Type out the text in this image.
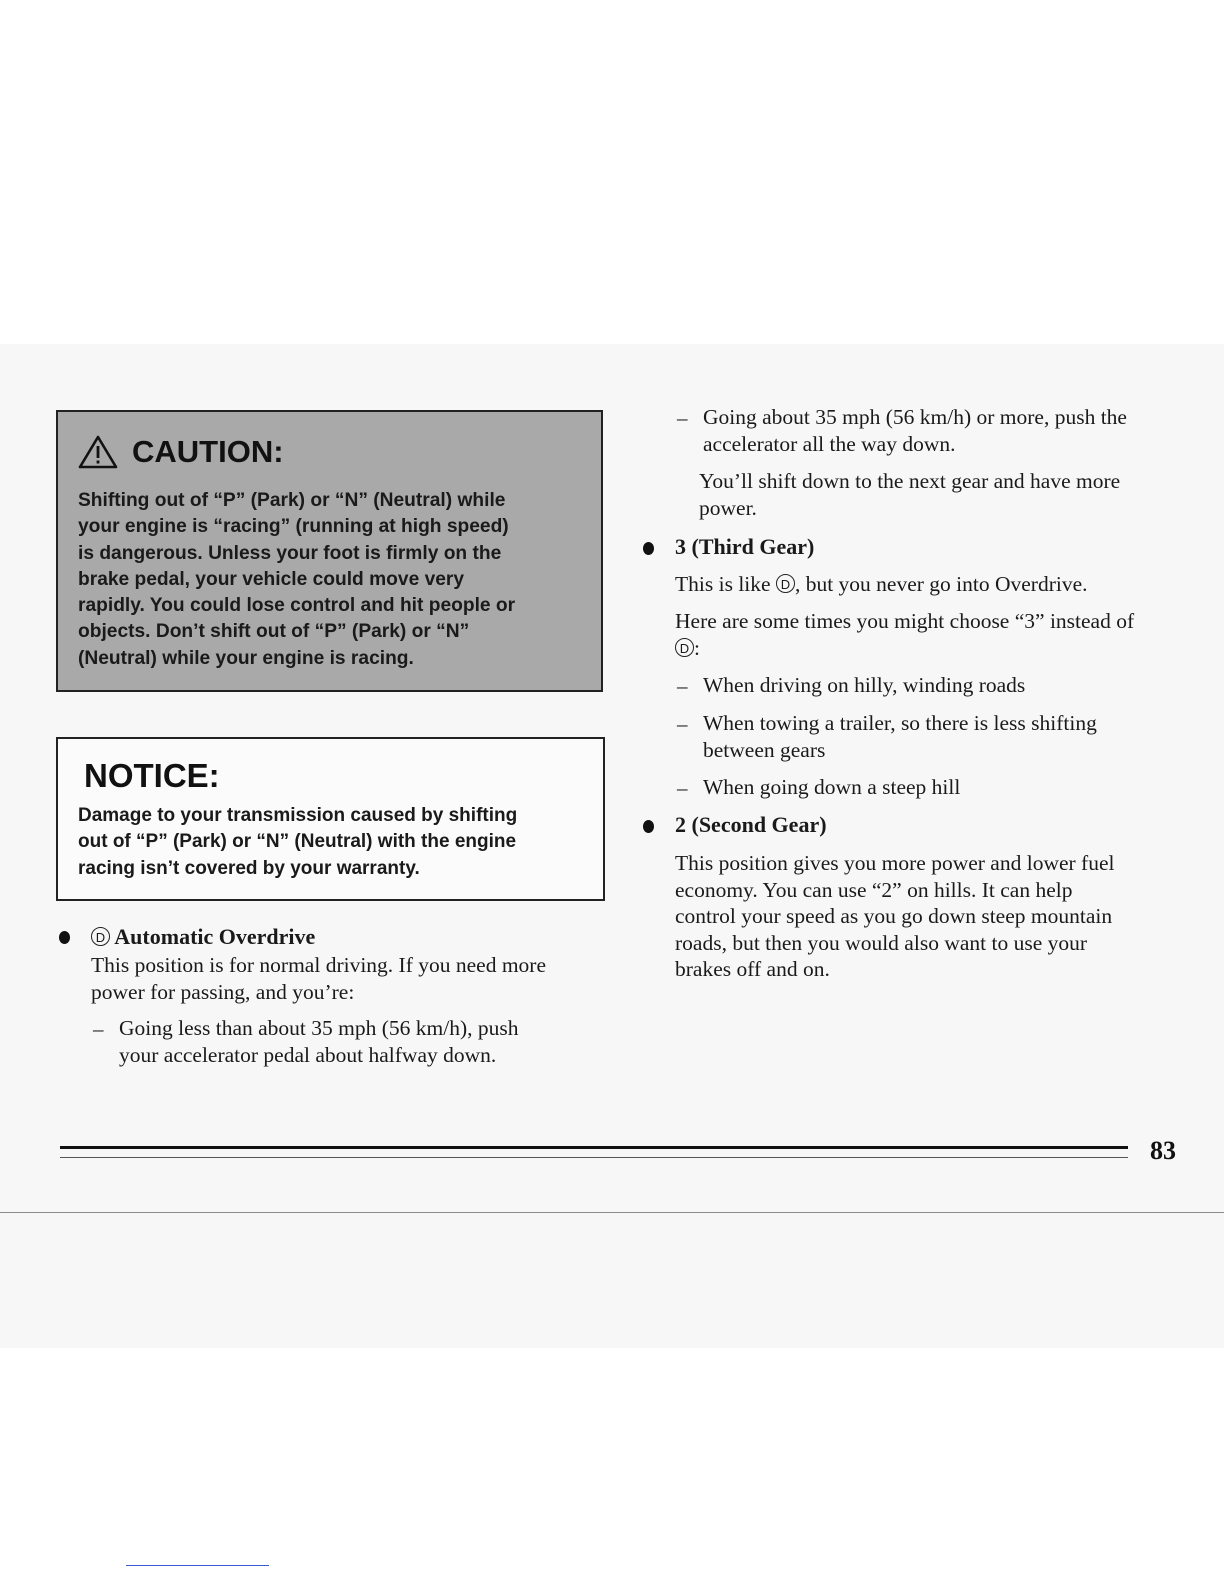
CAUTION:
Shifting out of “P” (Park) or “N” (Neutral) while
your engine is “racing” (running at high speed)
is dangerous. Unless your foot is firmly on the
brake pedal, your vehicle could move very
rapidly. You could lose control and hit people or
objects. Don’t shift out of “P” (Park) or “N”
(Neutral) while your engine is racing.
NOTICE:
Damage to your transmission caused by shifting
out of “P” (Park) or “N” (Neutral) with the engine
racing isn’t covered by your warranty.
D Automatic Overdrive
This position is for normal driving. If you need more
power for passing, and you’re:
– Going less than about 35 mph (56 km/h), push
your accelerator pedal about halfway down.
– Going about 35 mph (56 km/h) or more, push the
accelerator all the way down.
You’ll shift down to the next gear and have more
power.
3 (Third Gear)
This is like D , but you never go into Overdrive.
Here are some times you might choose “3” instead of
D :
– When driving on hilly, winding roads
– When towing a trailer, so there is less shifting
between gears
– When going down a steep hill
2 (Second Gear)
This position gives you more power and lower fuel
economy. You can use “2” on hills. It can help
control your speed as you go down steep mountain
roads, but then you would also want to use your
brakes off and on.
83
